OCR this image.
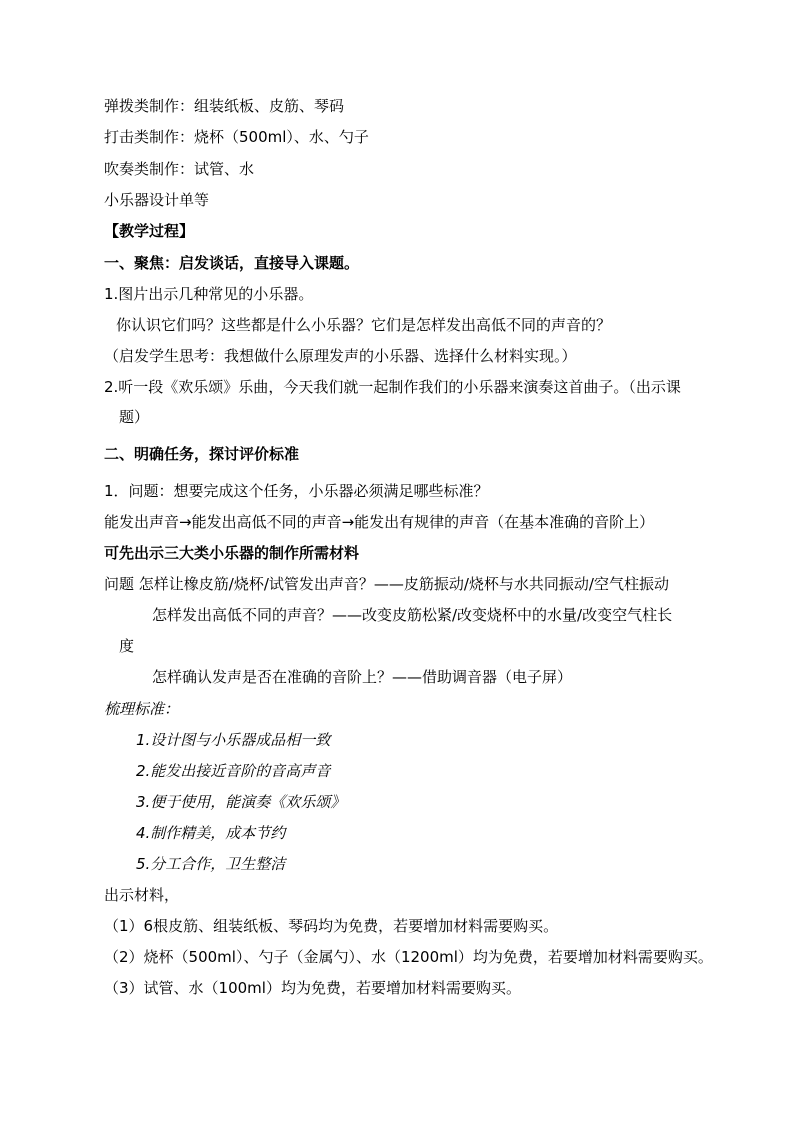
弹拨类制作：组装纸板、皮筋、琴码
打击类制作：烧杯（500ml）、水、勺子
吹奏类制作：试管、水
小乐器设计单等
【教学过程】
一、聚焦：启发谈话，直接导入课题。
1.图片出示几种常见的小乐器。
你认识它们吗？这些都是什么小乐器？它们是怎样发出高低不同的声音的？
（启发学生思考：我想做什么原理发声的小乐器、选择什么材料实现。）
2.听一段《欢乐颂》乐曲，今天我们就一起制作我们的小乐器来演奏这首曲子。（出示课
题）
二、明确任务，探讨评价标准
1．问题：想要完成这个任务，小乐器必须满足哪些标准？
能发出声音→能发出高低不同的声音→能发出有规律的声音（在基本准确的音阶上）
可先出示三大类小乐器的制作所需材料
问题 怎样让橡皮筋/烧杯/试管发出声音？——皮筋振动/烧杯与水共同振动/空气柱振动
怎样发出高低不同的声音？——改变皮筋松紧/改变烧杯中的水量/改变空气柱长
度
怎样确认发声是否在准确的音阶上？——借助调音器（电子屏）
梳理标准：
1.设计图与小乐器成品相一致
2.能发出接近音阶的音高声音
3.便于使用，能演奏《欢乐颂》
4.制作精美，成本节约
5.分工合作，卫生整洁
出示材料，
（1）6根皮筋、组装纸板、琴码均为免费，若要增加材料需要购买。
（2）烧杯（500ml）、勺子（金属勺）、水（1200ml）均为免费，若要增加材料需要购买。
（3）试管、水（100ml）均为免费，若要增加材料需要购买。
